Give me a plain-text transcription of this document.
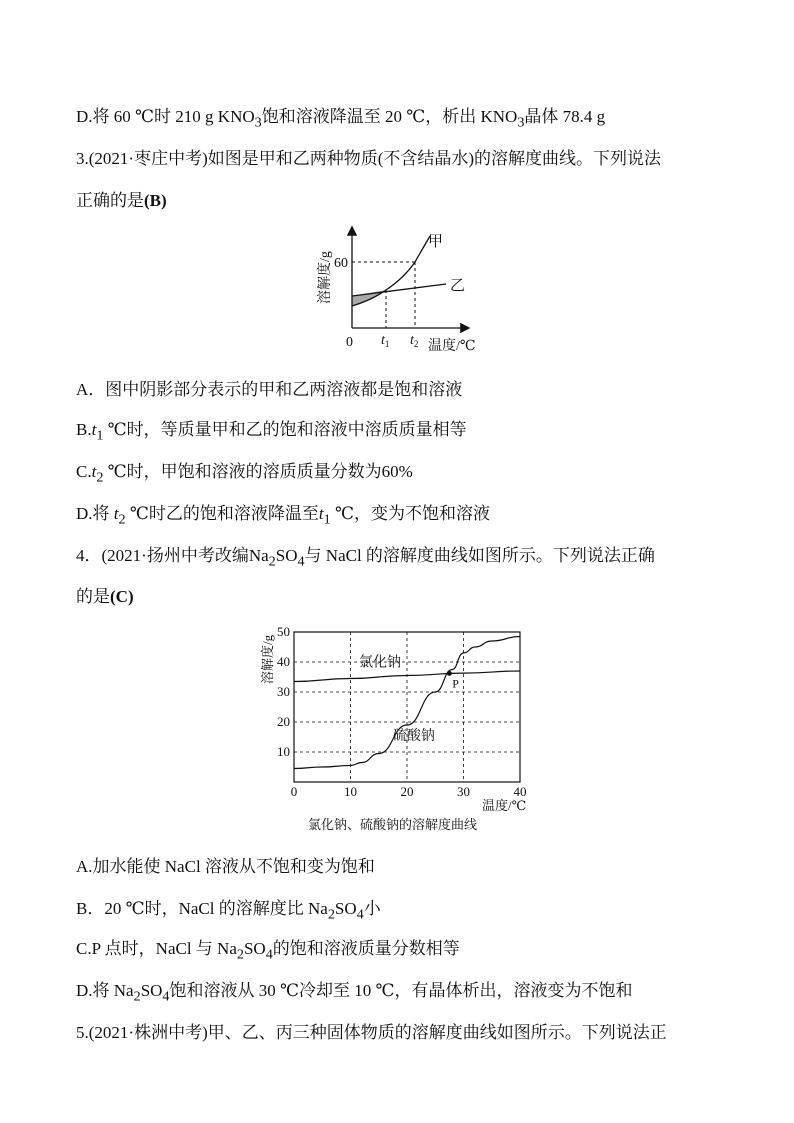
D.将 60 ℃时 210 g $KNO_3$饱和溶液降温至 20 ℃，析出 $KNO_3$晶体 78.4 g
3.(2021·枣庄中考)如图是甲和乙两种物质(不含结晶水)的溶解度曲线。下列说法
正确的是(B)
溶解度/g 60
0 $t_1$ $t_2$ 温度/℃
甲
乙
A．图中阴影部分表示的甲和乙两溶液都是饱和溶液
$B.t_1$ ℃时，等质量甲和乙的饱和溶液中溶质质量相等
$C.t_2$ ℃时，甲饱和溶液的溶质质量分数为60%
D.将 $t_2$ ℃时乙的饱和溶液降温至$t_1$ ℃，变为不饱和溶液
4．(2021·扬州中考改编$Na_2SO_4$与 NaCl 的溶解度曲线如图所示。下列说法正确
的是(C)
0	10	20	30	40
10
20
30
40
50
溶解度/g
温度/℃
氯化钠、硫酸钠的溶解度曲线
氯化钠
硫酸钠
P
A.加水能使 NaCl 溶液从不饱和变为饱和
B．20 ℃时，NaCl 的溶解度比 $Na_2SO_4$小
C.P 点时，NaCl 与 $Na_2SO_4$的饱和溶液质量分数相等
D.将 $Na_2SO_4$饱和溶液从 30 ℃冷却至 10 ℃，有晶体析出，溶液变为不饱和
5.(2021·株洲中考)甲、乙、丙三种固体物质的溶解度曲线如图所示。下列说法正
